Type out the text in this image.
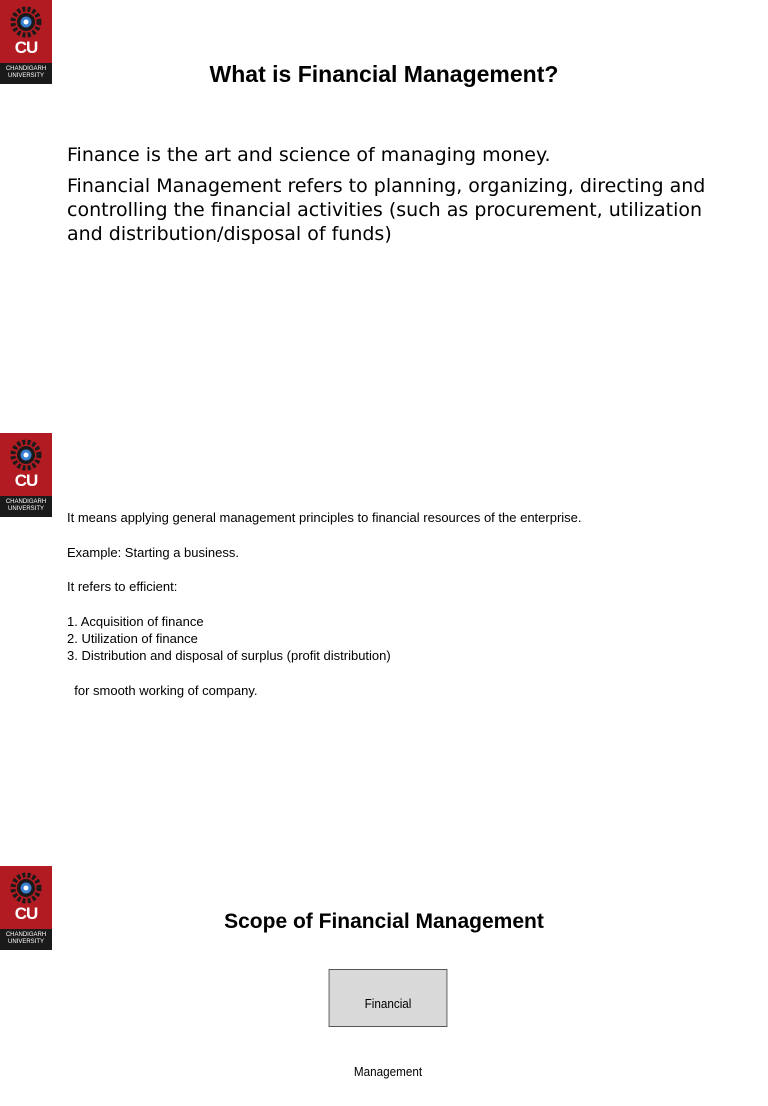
CU
CHANDIGARH
UNIVERSITY	What is Financial Management?

Finance is the art and science of managing money.

Financial Management refers to planning, organizing, directing and controlling the financial activities (such as procurement, utilization and distribution/disposal of funds)

CU
CHANDIGARH
UNIVERSITY
It means applying general management principles to financial resources of the enterprise.
Example: Starting a business.
It refers to efficient:
1. Acquisition of finance
2. Utilization of finance
3. Distribution and disposal of surplus (profit distribution)
for smooth working of company.
CU
CHANDIGARH
UNIVERSITY
Scope of Financial Management
Financial Management
